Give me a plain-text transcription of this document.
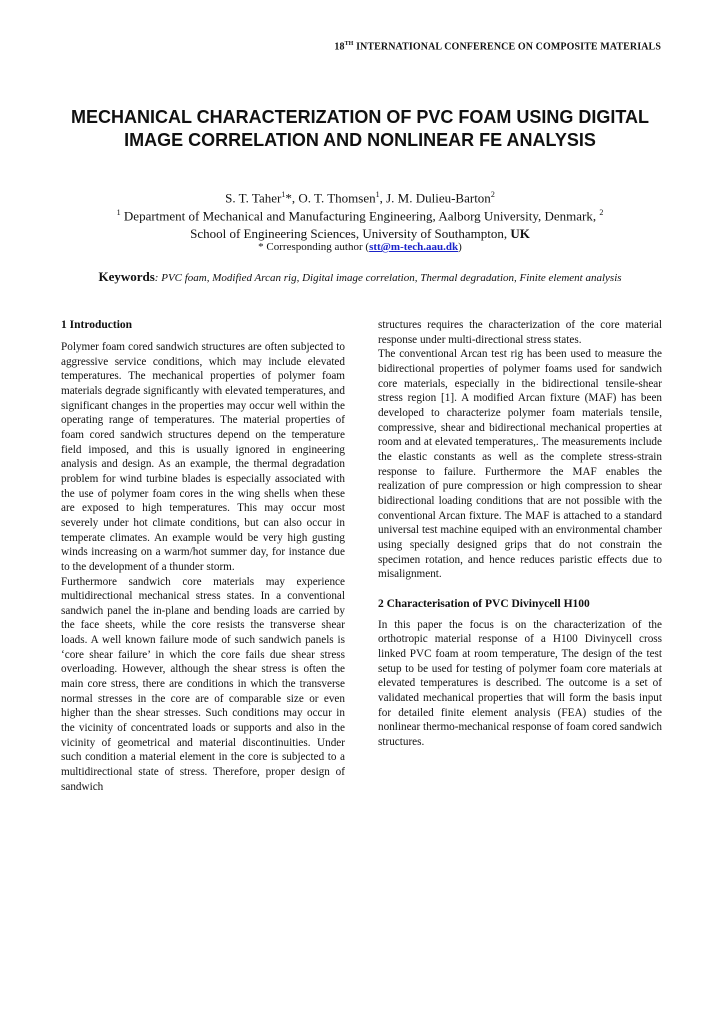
18TH INTERNATIONAL CONFERENCE ON COMPOSITE MATERIALS
MECHANICAL CHARACTERIZATION OF PVC FOAM USING DIGITAL IMAGE CORRELATION AND NONLINEAR FE ANALYSIS
S. T. Taher$^1$*, O. T. Thomsen$^1$, J. M. Dulieu-Barton$^2$
$^1$ Department of Mechanical and Manufacturing Engineering, Aalborg University, Denmark, $^2$
School of Engineering Sciences, University of Southampton, UK
* Corresponding author (stt@m-tech.aau.dk)
Keywords: PVC foam, Modified Arcan rig, Digital image correlation, Thermal degradation, Finite element analysis
1 Introduction

Polymer foam cored sandwich structures are often subjected to aggressive service conditions, which may include elevated temperatures. The mechanical properties of polymer foam materials degrade significantly with elevated temperatures, and significant changes in the properties may occur well within the operating range of temperatures. The material properties of foam cored sandwich structures depend on the temperature field imposed, and this is usually ignored in engineering analysis and design. As an example, the thermal degradation problem for wind turbine blades is especially associated with the use of polymer foam cores in the wing shells when these are exposed to high temperatures. This may occur most severely under hot climate conditions, but can also occur in temperate climates. An example would be very high gusting winds increasing on a warm/hot summer day, for instance due to the development of a thunder storm.

Furthermore sandwich core materials may experience multidirectional mechanical stress states. In a conventional sandwich panel the in-plane and bending loads are carried by the face sheets, while the core resists the transverse shear loads. A well known failure mode of such sandwich panels is ‘core shear failure’ in which the core fails due shear stress overloading. However, although the shear stress is often the main core stress, there are conditions in which the transverse normal stresses in the core are of comparable size or even higher than the shear stresses. Such conditions may occur in the vicinity of concentrated loads or supports and also in the vicinity of geometrical and material discontinuities. Under such condition a material element in the core is subjected to a multidirectional state of stress. Therefore, proper design of sandwich

structures requires the characterization of the core material response under multi-directional stress states.

The conventional Arcan test rig has been used to measure the bidirectional properties of polymer foams used for sandwich core materials, especially in the bidirectional tensile-shear stress region [1]. A modified Arcan fixture (MAF) has been developed to characterize polymer foam materials tensile, compressive, shear and bidirectional mechanical properties at room and at elevated temperatures,. The measurements include the elastic constants as well as the complete stress-strain response to failure. Furthermore the MAF enables the realization of pure compression or high compression to shear bidirectional loading conditions that are not possible with the conventional Arcan fixture. The MAF is attached to a standard universal test machine equiped with an environmental chamber using specially designed grips that do not constrain the specimen rotation, and hence reduces paristic effects due to misalignment.

2 Characterisation of PVC Divinycell H100

In this paper the focus is on the characterization of the orthotropic material response of a H100 Divinycell cross linked PVC foam at room temperature, The design of the test setup to be used for testing of polymer foam core materials at elevated temperatures is described. The outcome is a set of validated mechanical properties that will form the basis input for detailed finite element analysis (FEA) studies of the nonlinear thermo-mechanical response of foam cored sandwich structures.
